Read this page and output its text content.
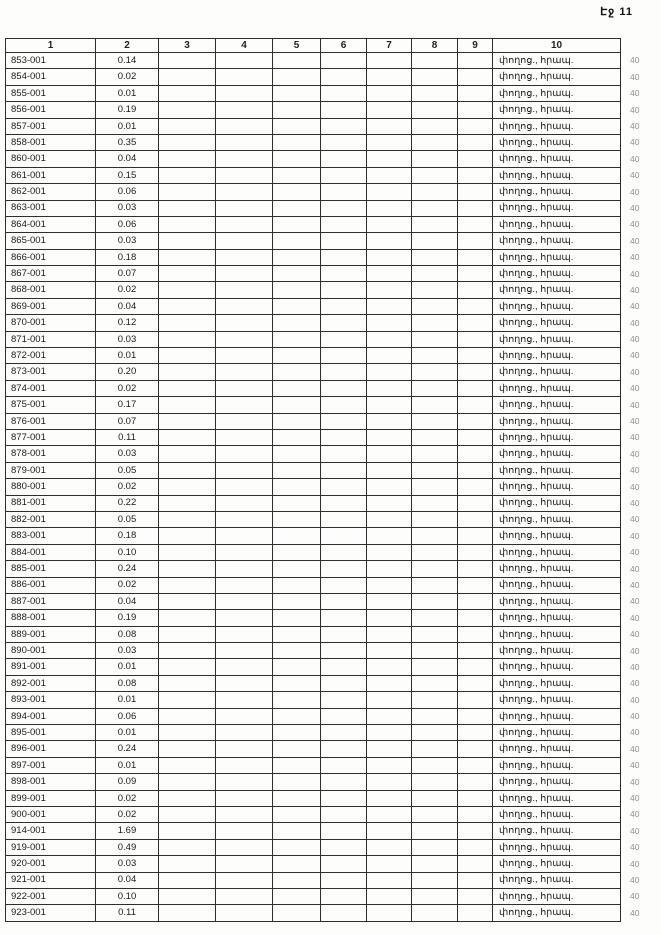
Էջ 11
1	2	3	4	5	6	7	8	9	10	
853-001	0.14								փողոց., հրապ.	40
854-001	0.02								փողոց., հրապ.	40
855-001	0.01								փողոց., հրապ.	40
856-001	0.19								փողոց., հրապ.	40
857-001	0.01								փողոց., հրապ.	40
858-001	0.35								փողոց., հրապ.	40
860-001	0.04								փողոց., հրապ.	40
861-001	0.15								փողոց., հրապ.	40
862-001	0.06								փողոց., հրապ.	40
863-001	0.03								փողոց., հրապ.	40
864-001	0.06								փողոց., հրապ.	40
865-001	0.03								փողոց., հրապ.	40
866-001	0.18								փողոց., հրապ.	40
867-001	0.07								փողոց., հրապ.	40
868-001	0.02								փողոց., հրապ.	40
869-001	0.04								փողոց., հրապ.	40
870-001	0.12								փողոց., հրապ.	40
871-001	0.03								փողոց., հրապ.	40
872-001	0.01								փողոց., հրապ.	40
873-001	0.20								փողոց., հրապ.	40
874-001	0.02								փողոց., հրապ.	40
875-001	0.17								փողոց., հրապ.	40
876-001	0.07								փողոց., հրապ.	40
877-001	0.11								փողոց., հրապ.	40
878-001	0.03								փողոց., հրապ.	40
879-001	0.05								փողոց., հրապ.	40
880-001	0.02								փողոց., հրապ.	40
881-001	0.22								փողոց., հրապ.	40
882-001	0.05								փողոց., հրապ.	40
883-001	0.18								փողոց., հրապ.	40
884-001	0.10								փողոց., հրապ.	40
885-001	0.24								փողոց., հրապ.	40
886-001	0.02								փողոց., հրապ.	40
887-001	0.04								փողոց., հրապ.	40
888-001	0.19								փողոց., հրապ.	40
889-001	0.08								փողոց., հրապ.	40
890-001	0.03								փողոց., հրապ.	40
891-001	0.01								փողոց., հրապ.	40
892-001	0.08								փողոց., հրապ.	40
893-001	0.01								փողոց., հրապ.	40
894-001	0.06								փողոց., հրապ.	40
895-001	0.01								փողոց., հրապ.	40
896-001	0.24								փողոց., հրապ.	40
897-001	0.01								փողոց., հրապ.	40
898-001	0.09								փողոց., հրապ.	40
899-001	0.02								փողոց., հրապ.	40
900-001	0.02								փողոց., հրապ.	40
914-001	1.69								փողոց., հրապ.	40
919-001	0.49								փողոց., հրապ.	40
920-001	0.03								փողոց., հրապ.	40
921-001	0.04								փողոց., հրապ.	40
922-001	0.10								փողոց., հրապ.	40
923-001	0.11								փողոց., հրապ.	40
